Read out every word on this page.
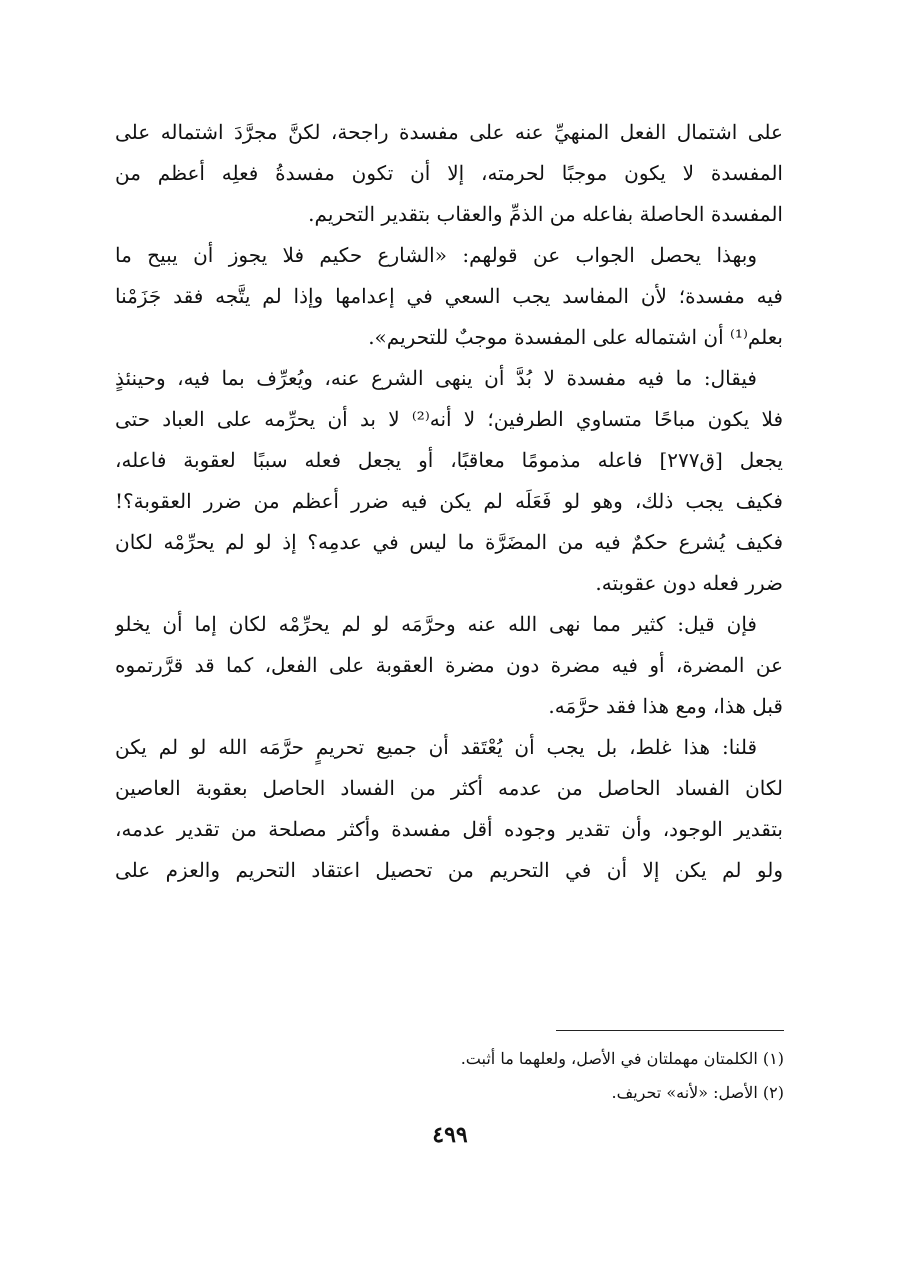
على اشتمال الفعل المنهيِّ عنه على مفسدة راجحة، لكنَّ مجرَّدَ اشتماله على
المفسدة لا يكون موجبًا لحرمته، إلا أن تكون مفسدةُ فعلِه أعظم من
المفسدة الحاصلة بفاعله من الذمِّ والعقاب بتقدير التحريم.

وبهذا يحصل الجواب عن قولهم: «الشارع حكيم فلا يجوز أن يبيح ما
فيه مفسدة؛ لأن المفاسد يجب السعي في إعدامها وإذا لم يتَّجه فقد جَزَمْنا
بعلم⁽¹⁾ أن اشتماله على المفسدة موجبٌ للتحريم».

فيقال: ما فيه مفسدة لا بُدَّ أن ينهى الشرع عنه، ويُعرِّف بما فيه، وحينئذٍ
فلا يكون مباحًا متساوي الطرفين؛ لا أنه⁽²⁾ لا بد أن يحرِّمه على العباد حتى
يجعل [ق٢٧٧] فاعله مذمومًا معاقبًا، أو يجعل فعله سببًا لعقوبة فاعله،
فكيف يجب ذلك، وهو لو فَعَلَه لم يكن فيه ضرر أعظم من ضرر العقوبة؟!
فكيف يُشرع حكمٌ فيه من المضَرَّة ما ليس في عدمِه؟ إذ لو لم يحرِّمْه لكان
ضرر فعله دون عقوبته.

فإن قيل: كثير مما نهى الله عنه وحرَّمَه لو لم يحرِّمْه لكان إما أن يخلو
عن المضرة، أو فيه مضرة دون مضرة العقوبة على الفعل، كما قد قرَّرتموه
قبل هذا، ومع هذا فقد حرَّمَه.

قلنا: هذا غلط، بل يجب أن يُعْتَقد أن جميع تحريمٍ حرَّمَه الله لو لم يكن
لكان الفساد الحاصل من عدمه أكثر من الفساد الحاصل بعقوبة العاصين
بتقدير الوجود، وأن تقدير وجوده أقل مفسدة وأكثر مصلحة من تقدير عدمه،
ولو لم يكن إلا أن في التحريم من تحصيل اعتقاد التحريم والعزم على

(١) الكلمتان مهملتان في الأصل، ولعلهما ما أثبت.
(٢) الأصل: «لأنه» تحريف.
٤٩٩
